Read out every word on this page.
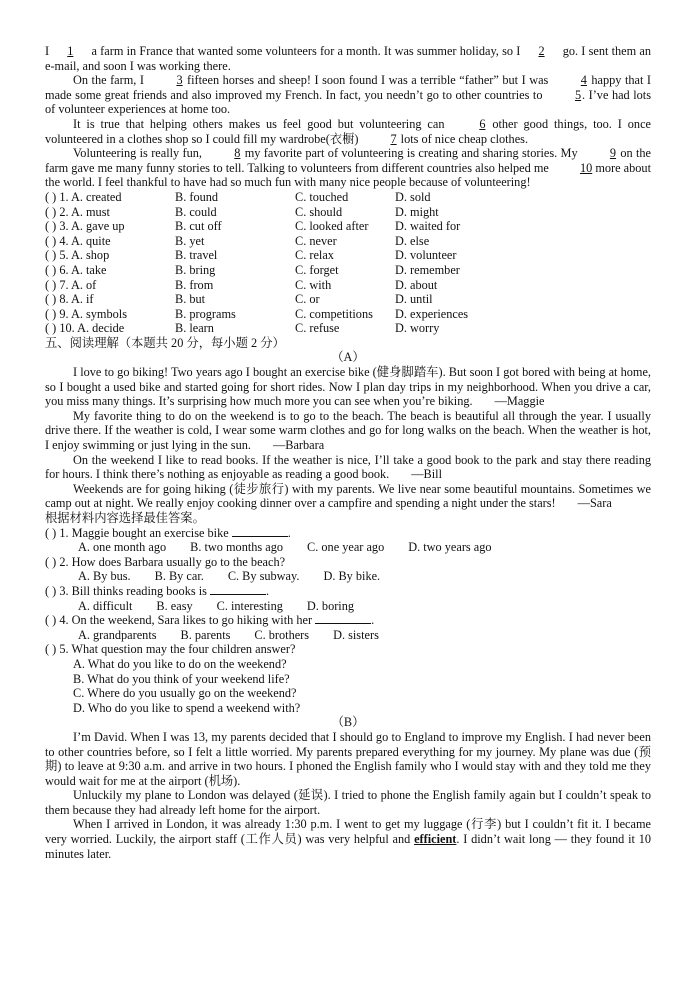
I 1 a farm in France that wanted some volunteers for a month. It was summer holiday, so I 2 go. I sent them an e-mail, and soon I was working there.

On the farm, I 3 fifteen horses and sheep! I soon found I was a terrible “father” but I was 4 happy that I made some great friends and also improved my French. In fact, you needn’t go to other countries to 5. I’ve had lots of volunteer experiences at home too.

It is true that helping others makes us feel good but volunteering can 6 other good things, too. I once volunteered in a clothes shop so I could fill my wardrobe(衣橱) 7 lots of nice cheap clothes.

Volunteering is really fun, 8 my favorite part of volunteering is creating and sharing stories. My 9 on the farm gave me many funny stories to tell. Talking to volunteers from different countries also helped me 10 more about the world. I feel thankful to have had so much fun with many nice people because of volunteering!

( ) 1. A. created	B. found	C. touched	D. sold
( ) 2. A. must	B. could	C. should	D. might
( ) 3. A. gave up	B. cut off	C. looked after	D. waited for
( ) 4. A. quite	B. yet	C. never	D. else
( ) 5. A. shop	B. travel	C. relax	D. volunteer
( ) 6. A. take	B. bring	C. forget	D. remember
( ) 7. A. of	B. from	C. with	D. about
( ) 8. A. if	B. but	C. or	D. until
( ) 9. A. symbols	B. programs	C. competitions	D. experiences
( ) 10. A. decide	B. learn	C. refuse	D. worry
五、阅读理解（本题共 20 分，每小题 2 分）
（A）

I love to go biking! Two years ago I bought an exercise bike (健身脚踏车). But soon I got bored with being at home, so I bought a used bike and started going for short rides. Now I plan day trips in my neighborhood. When you drive a car, you miss many things. It’s surprising how much more you can see when you’re biking. —Maggie

My favorite thing to do on the weekend is to go to the beach. The beach is beautiful all through the year. I usually drive there. If the weather is cold, I wear some warm clothes and go for long walks on the beach. When the weather is hot, I enjoy swimming or just lying in the sun. —Barbara

On the weekend I like to read books. If the weather is nice, I’ll take a good book to the park and stay there reading for hours. I think there’s nothing as enjoyable as reading a good book. —Bill

Weekends are for going hiking (徒步旅行) with my parents. We live near some beautiful mountains. Sometimes we camp out at night. We really enjoy cooking dinner over a campfire and spending a night under the stars! —Sara

根据材料内容选择最佳答案。
( ) 1. Maggie bought an exercise bike	.
A. one month ago B. two months ago C. one year ago D. two years ago
( ) 2. How does Barbara usually go to the beach?
A. By bus. B. By car. C. By subway. D. By bike.
( ) 3. Bill thinks reading books is	.
A. difficult B. easy C. interesting D. boring
( ) 4. On the weekend, Sara likes to go hiking with her	.
A. grandparents B. parents C. brothers D. sisters
( ) 5. What question may the four children answer?
A. What do you like to do on the weekend?
B. What do you think of your weekend life?
C. Where do you usually go on the weekend?
D. Who do you like to spend a weekend with?
（B）

I’m David. When I was 13, my parents decided that I should go to England to improve my English. I had never been to other countries before, so I felt a little worried. My parents prepared everything for my journey. My plane was due (预期) to leave at 9:30 a.m. and arrive in two hours. I phoned the English family who I would stay with and they told me they would wait for me at the airport (机场).

Unluckily my plane to London was delayed (延误). I tried to phone the English family again but I couldn’t speak to them because they had already left home for the airport.

When I arrived in London, it was already 1:30 p.m. I went to get my luggage (行李) but I couldn’t fit it. I became very worried. Luckily, the airport staff (工作人员) was very helpful and efficient. I didn’t wait long — they found it 10 minutes later.
